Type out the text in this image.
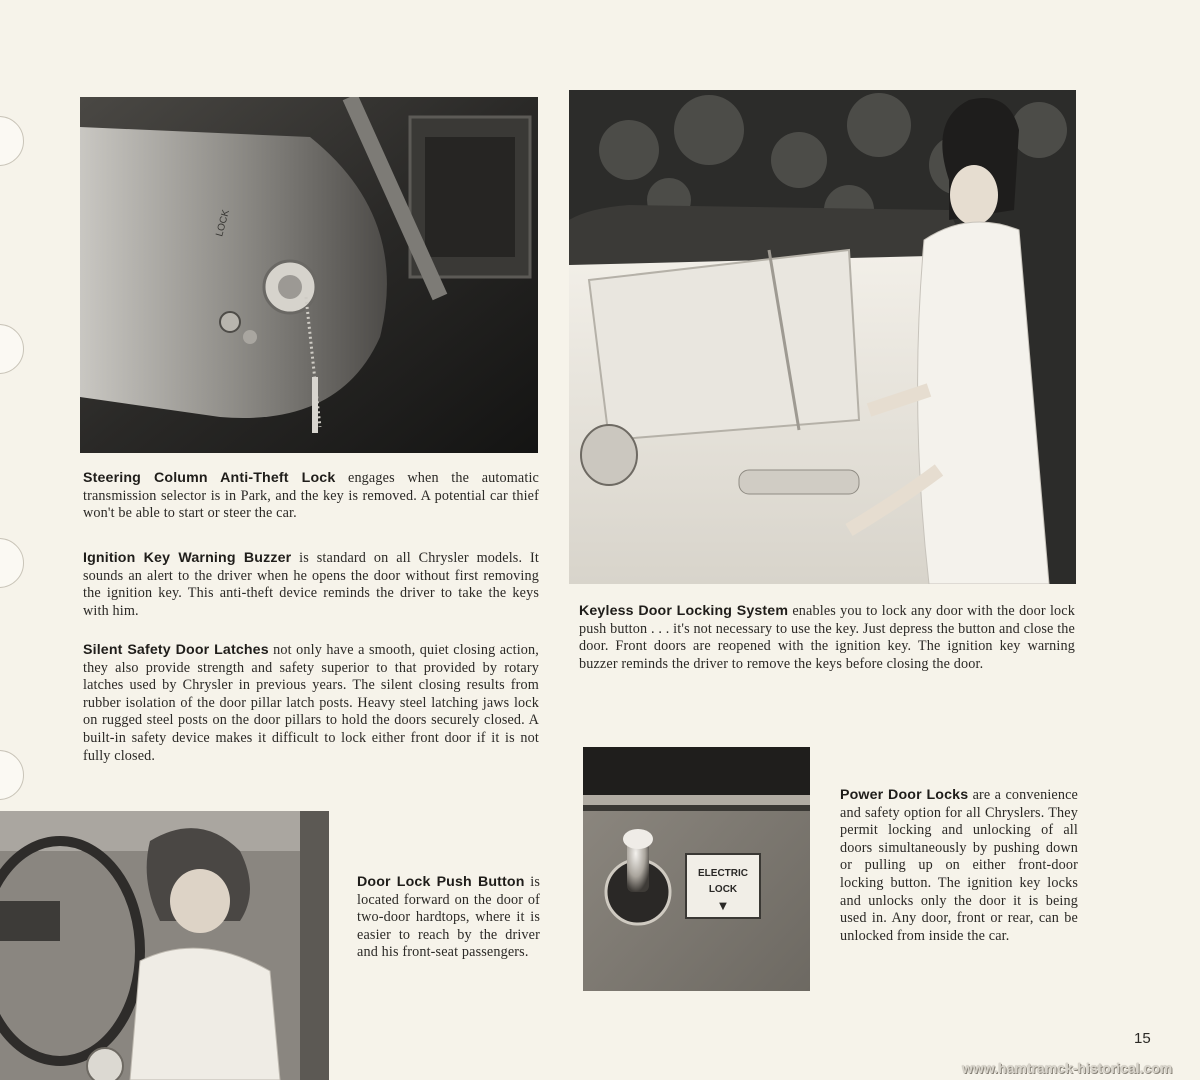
LOCK
ELECTRIC
LOCK
▼
Steering Column Anti-Theft Lock engages when the automatic transmission selector is in Park, and the key is removed. A potential car thief won't be able to start or steer the car.
Ignition Key Warning Buzzer is standard on all Chrysler models. It sounds an alert to the driver when he opens the door without first removing the ignition key. This anti-theft device reminds the driver to take the keys with him.
Silent Safety Door Latches not only have a smooth, quiet closing action, they also provide strength and safety superior to that provided by rotary latches used by Chrysler in previous years. The silent closing results from rubber isolation of the door pillar latch posts. Heavy steel latching jaws lock on rugged steel posts on the door pillars to hold the doors securely closed. A built-in safety device makes it difficult to lock either front door if it is not fully closed.
Keyless Door Locking System enables you to lock any door with the door lock push button . . . it's not necessary to use the key. Just depress the button and close the door. Front doors are reopened with the ignition key. The ignition key warning buzzer reminds the driver to remove the keys before closing the door.
Door Lock Push Button is located forward on the door of two-door hardtops, where it is easier to reach by the driver and his front-seat passengers.
Power Door Locks are a convenience and safety option for all Chryslers. They permit locking and unlocking of all doors simultaneously by pushing down or pulling up on either front-door locking button. The ignition key locks and unlocks only the door it is being used in. Any door, front or rear, can be unlocked from inside the car.
15
www.hamtramck-historical.com
